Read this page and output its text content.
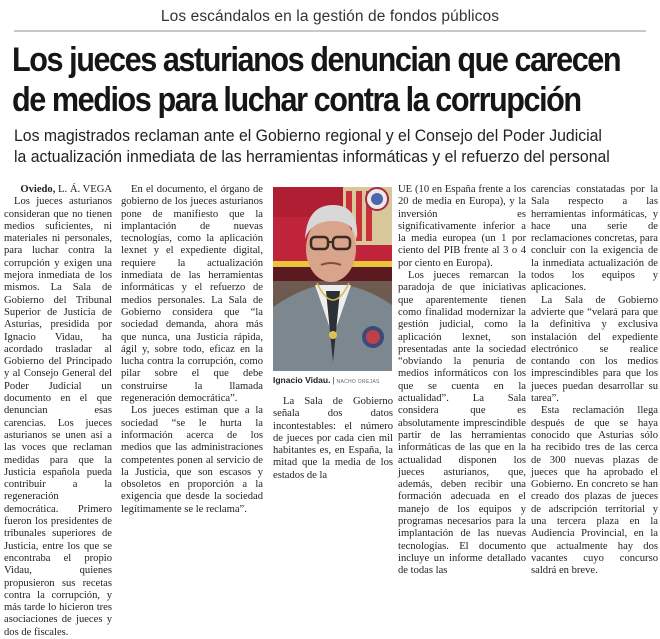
Los escándalos en la gestión de fondos públicos
Los jueces asturianos denuncian que carecen
de medios para luchar contra la corrupción
Los magistrados reclaman ante el Gobierno regional y el Consejo del Poder Judicial
la actualización inmediata de las herramientas informáticas y el refuerzo del personal

Oviedo, L. Á. VEGA

Los jueces asturianos consideran que no tienen medios suficientes, ni materiales ni personales, para luchar contra la corrupción y exigen una mejora inmediata de los mismos. La Sala de Gobierno del Tribunal Superior de Justicia de Asturias, presidida por Ignacio Vidau, ha acordado trasladar al Gobierno del Principado y al Consejo General del Poder Judicial un documento en el que denuncian esas carencias. Los jueces asturianos se unen así a las voces que reclaman medidas para que la Justicia española pueda contribuir a la regeneración democrática. Primero fueron los presidentes de tribunales superiores de Justicia, entre los que se encontraba el propio Vidau, quienes propusieron sus recetas contra la corrupción, y más tarde lo hicieron tres asociaciones de jueces y dos de fiscales.

En el documento, el órgano de gobierno de los jueces asturianos pone de manifiesto que la implantación de nuevas tecnologías, como la aplicación lexnet y el expediente digital, requiere la actualización inmediata de las herramientas informáticas y el refuerzo de medios personales. La Sala de Gobierno considera que “la sociedad demanda, ahora más que nunca, una Justicia rápida, ágil y, sobre todo, eficaz en la lucha contra la corrupción, como pilar sobre el que debe construirse la llamada regeneración democrática”.

Los jueces estiman que a la sociedad “se le hurta la información acerca de los medios que las administraciones competentes ponen al servicio de la Justicia, que son escasos y obsoletos en proporción a la exigencia que desde la sociedad legítimamente se le reclama”.

Ignacio Vidau. | NACHO OREJAS

La Sala de Gobierno señala dos datos incontestables: el número de jueces por cada cien mil habitantes es, en España, la mitad que la media de los estados de la

UE (10 en España frente a los 20 de media en Europa), y la inversión es significativamente inferior a la media europea (un 1 por ciento del PIB frente al 3 o 4 por ciento en Europa).

Los jueces remarcan la paradoja de que iniciativas que aparentemente tienen como finalidad modernizar la gestión judicial, como la aplicación lexnet, son presentadas ante la sociedad “obviando la penuria de medios informáticos con los que se cuenta en la actualidad”. La Sala considera que es absolutamente imprescindible partir de las herramientas informáticas de las que en la actualidad disponen los jueces asturianos, que, además, deben recibir una formación adecuada en el manejo de los equipos y programas necesarios para la implantación de las nuevas tecnologías. El documento incluye un informe detallado de todas las

carencias constatadas por la Sala respecto a las herramientas informáticas, y hace una serie de reclamaciones concretas, para concluir con la exigencia de la inmediata actualización de todos los equipos y aplicaciones.

La Sala de Gobierno advierte que “velará para que la definitiva y exclusiva instalación del expediente electrónico se realice contando con los medios imprescindibles para que los jueces puedan desarrollar su tarea”.

Esta reclamación llega después de que se haya conocido que Asturias sólo ha recibido tres de las cerca de 300 nuevas plazas de jueces que ha aprobado el Gobierno. En concreto se han creado dos plazas de jueces de adscripción territorial y una tercera plaza en la Audiencia Provincial, en la que actualmente hay dos vacantes cuyo concurso saldrá en breve.
